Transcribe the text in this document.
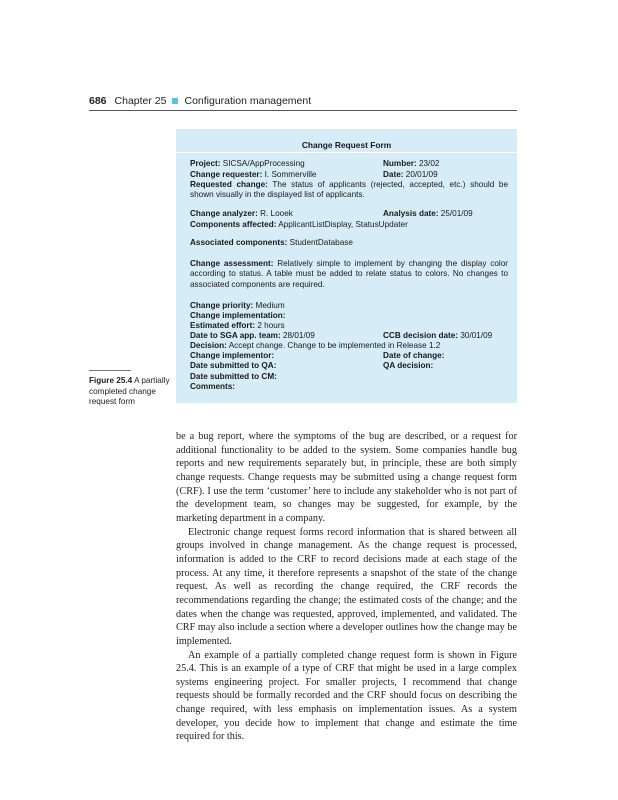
686 Chapter 25 Configuration management
Change Request Form
Project: SICSA/AppProcessing	Number: 23/02
Change requester: I. Sommerville	Date: 20/01/09
Requested change: The status of applicants (rejected, accepted, etc.) should be shown visually in the displayed list of applicants.
Change analyzer: R. Looek	Analysis date: 25/01/09
Components affected: ApplicantListDisplay, StatusUpdater
Associated components: StudentDatabase
Change assessment: Relatively simple to implement by changing the display color according to status. A table must be added to relate status to colors. No changes to associated components are required.
Change priority: Medium
Change implementation:
Estimated effort: 2 hours
Date to SGA app. team: 28/01/09	CCB decision date: 30/01/09
Decision: Accept change. Change to be implemented in Release 1.2
Change implementor:	Date of change:
Date submitted to QA:	QA decision:
Date submitted to CM:
Comments:
Figure 25.4 A partially completed change request form

be a bug report, where the symptoms of the bug are described, or a request for additional functionality to be added to the system. Some companies handle bug reports and new requirements separately but, in principle, these are both simply change requests. Change requests may be submitted using a change request form (CRF). I use the term ‘customer’ here to include any stakeholder who is not part of the development team, so changes may be suggested, for example, by the marketing department in a company.

Electronic change request forms record information that is shared between all groups involved in change management. As the change request is processed, information is added to the CRF to record decisions made at each stage of the process. At any time, it therefore represents a snapshot of the state of the change request. As well as recording the change required, the CRF records the recommendations regarding the change; the estimated costs of the change; and the dates when the change was requested, approved, implemented, and validated. The CRF may also include a section where a developer outlines how the change may be implemented.

An example of a partially completed change request form is shown in Figure 25.4. This is an example of a type of CRF that might be used in a large complex systems engineering project. For smaller projects, I recommend that change requests should be formally recorded and the CRF should focus on describing the change required, with less emphasis on implementation issues. As a system developer, you decide how to implement that change and estimate the time required for this.
